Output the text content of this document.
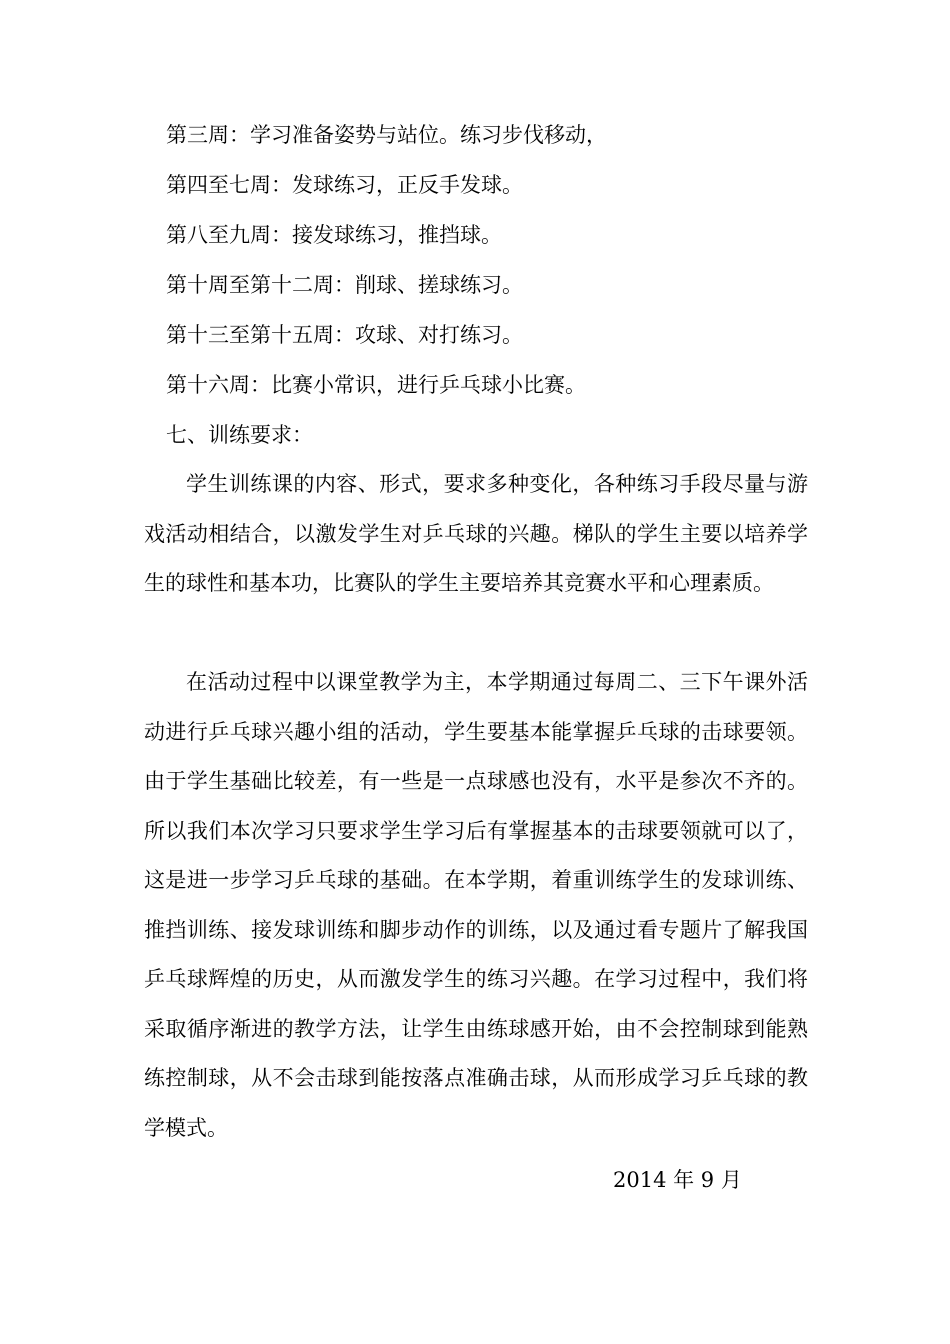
第三周：学习准备姿势与站位。练习步伐移动，
第四至七周：发球练习，正反手发球。
第八至九周：接发球练习，推挡球。
第十周至第十二周：削球、搓球练习。
第十三至第十五周：攻球、对打练习。
第十六周：比赛小常识，进行乒乓球小比赛。
七、训练要求：

学生训练课的内容、形式，要求多种变化，各种练习手段尽量与游戏活动相结合，以激发学生对乒乓球的兴趣。梯队的学生主要以培养学生的球性和基本功，比赛队的学生主要培养其竞赛水平和心理素质。

在活动过程中以课堂教学为主，本学期通过每周二、三下午课外活动进行乒乓球兴趣小组的活动，学生要基本能掌握乒乓球的击球要领。由于学生基础比较差，有一些是一点球感也没有，水平是参次不齐的。所以我们本次学习只要求学生学习后有掌握基本的击球要领就可以了，这是进一步学习乒乓球的基础。在本学期，着重训练学生的发球训练、推挡训练、接发球训练和脚步动作的训练，以及通过看专题片了解我国乒乓球辉煌的历史，从而激发学生的练习兴趣。在学习过程中，我们将采取循序渐进的教学方法，让学生由练球感开始，由不会控制球到能熟练控制球，从不会击球到能按落点准确击球，从而形成学习乒乓球的教学模式。

2014 年 9 月
